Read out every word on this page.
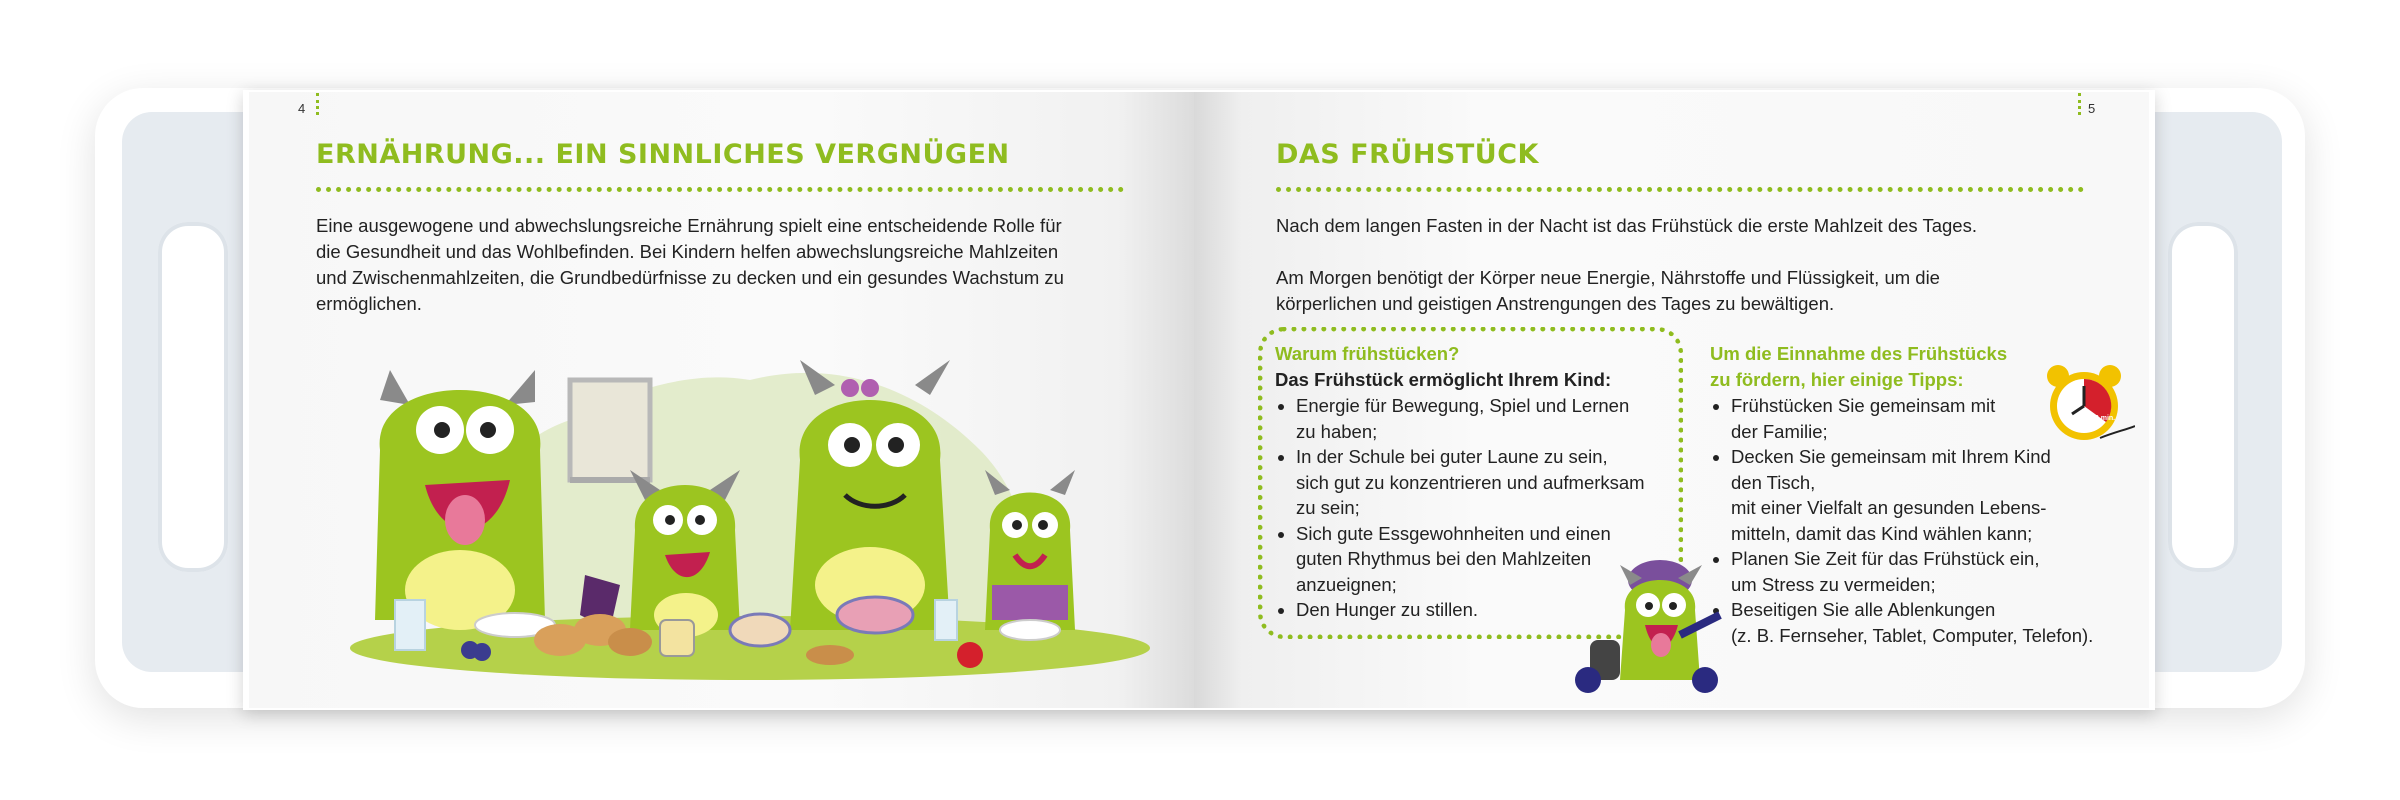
4
ERNÄHRUNG... EIN SINNLICHES VERGNÜGEN

Eine ausgewogene und abwechslungsreiche Ernährung spielt eine entscheidende Rolle für

die Gesundheit und das Wohlbefinden. Bei Kindern helfen abwechslungsreiche Mahlzeiten

und Zwischenmahlzeiten, die Grundbedürfnisse zu decken und ein gesundes Wachstum zu

ermöglichen.

5
DAS FRÜHSTÜCK

Nach dem langen Fasten in der Nacht ist das Frühstück die erste Mahlzeit des Tages.

Am Morgen benötigt der Körper neue Energie, Nährstoffe und Flüssigkeit, um die

körperlichen und geistigen Anstrengungen des Tages zu bewältigen.

Warum frühstücken?

Das Frühstück ermöglicht Ihrem Kind:

• Energie für Bewegung, Spiel und Lernen
zu haben;
• In der Schule bei guter Laune zu sein,
sich gut zu konzentrieren und aufmerksam
zu sein;
• Sich gute Essgewohnheiten und einen
guten Rhythmus bei den Mahlzeiten
anzueignen;
• Den Hunger zu stillen.

Um die Einnahme des Frühstücks

zu fördern, hier einige Tipps:

• Frühstücken Sie gemeinsam mit
der Familie;
• Decken Sie gemeinsam mit Ihrem Kind
den Tisch,
mit einer Vielfalt an gesunden Lebens-
mitteln, damit das Kind wählen kann;
• Planen Sie Zeit für das Frühstück ein,
um Stress zu vermeiden;
• Beseitigen Sie alle Ablenkungen
(z. B. Fernseher, Tablet, Computer, Telefon).
20 min.
